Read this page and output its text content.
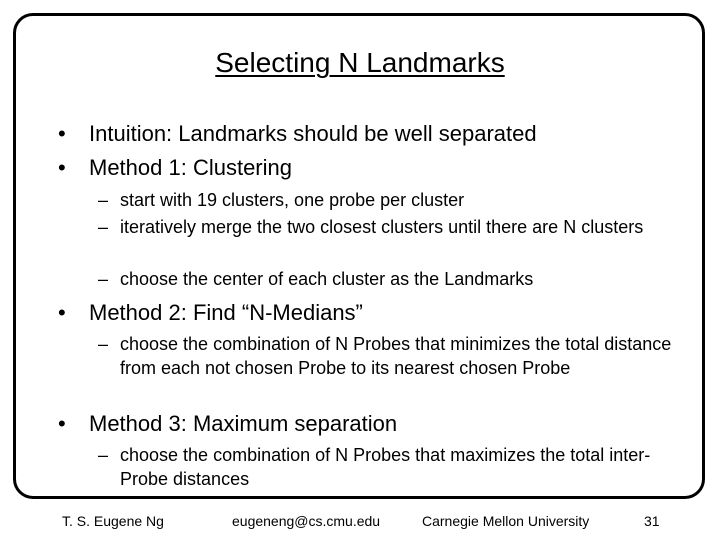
Selecting N Landmarks
• Intuition: Landmarks should be well separated
• Method 1: Clustering
– start with 19 clusters, one probe per cluster
– iteratively merge the two closest clusters until there are N clusters
– choose the center of each cluster as the Landmarks
• Method 2: Find “N-Medians”
– choose the combination of N Probes that minimizes the total distance from each not chosen Probe to its nearest chosen Probe
• Method 3: Maximum separation
– choose the combination of N Probes that maximizes the total inter-Probe distances
T. S. Eugene Ng	eugeneng@cs.cmu.edu	Carnegie Mellon University	31
